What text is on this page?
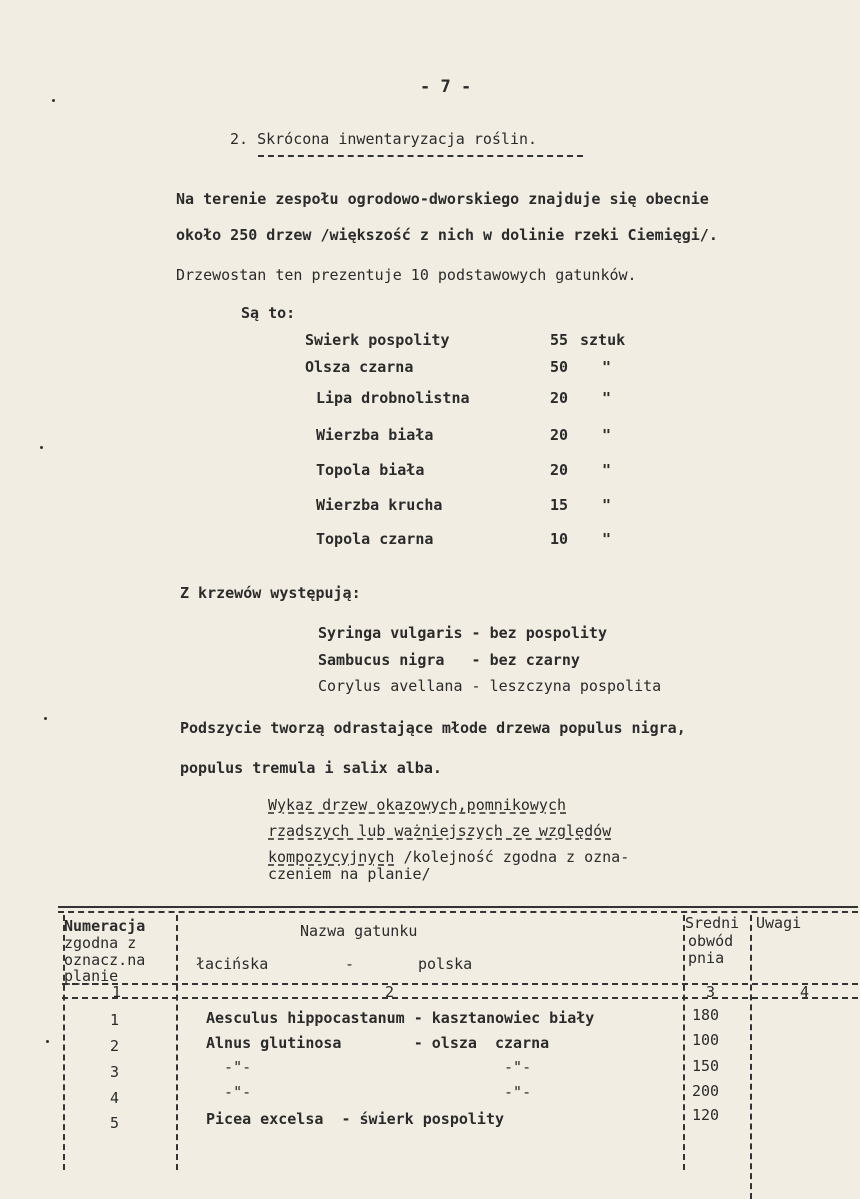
- 7 -
2. Skrócona inwentaryzacja roślin.
Na terenie zespołu ogrodowo-dworskiego znajduje się obecnie
około 250 drzew /większość z nich w dolinie rzeki Ciemięgi/.
Drzewostan ten prezentuje 10 podstawowych gatunków.
Są to:
Swierk pospolity	55 sztuk
Olsza czarna	50 "
Lipa drobnolistna	20 "
Wierzba biała	20 "
Topola biała	20 "
Wierzba krucha	15 "
Topola czarna	10 "
Z krzewów występują:
Syringa vulgaris - bez pospolity
Sambucus nigra   - bez czarny
Corylus avellana - leszczyna pospolita
Podszycie tworzą odrastające młode drzewa populus nigra,
populus tremula i salix alba.
Wykaz drzew okazowych,pomnikowych
rzadszych lub ważniejszych ze względów
kompozycyjnych /kolejność zgodna z ozna-
czeniem na planie/
Numeracja
zgodna z
oznacz.na
planie
Nazwa gatunku
łacińska	-	polska
Sredni
obwód
pnia
Uwagi
1	2	3	4
1	Aesculus hippocastanum - kasztanowiec biały	180
2	Alnus glutinosa        - olsza  czarna	100
3	-"-                            -"-	150
4	-"-                            -"-	200
5	Picea excelsa  - świerk pospolity	120
